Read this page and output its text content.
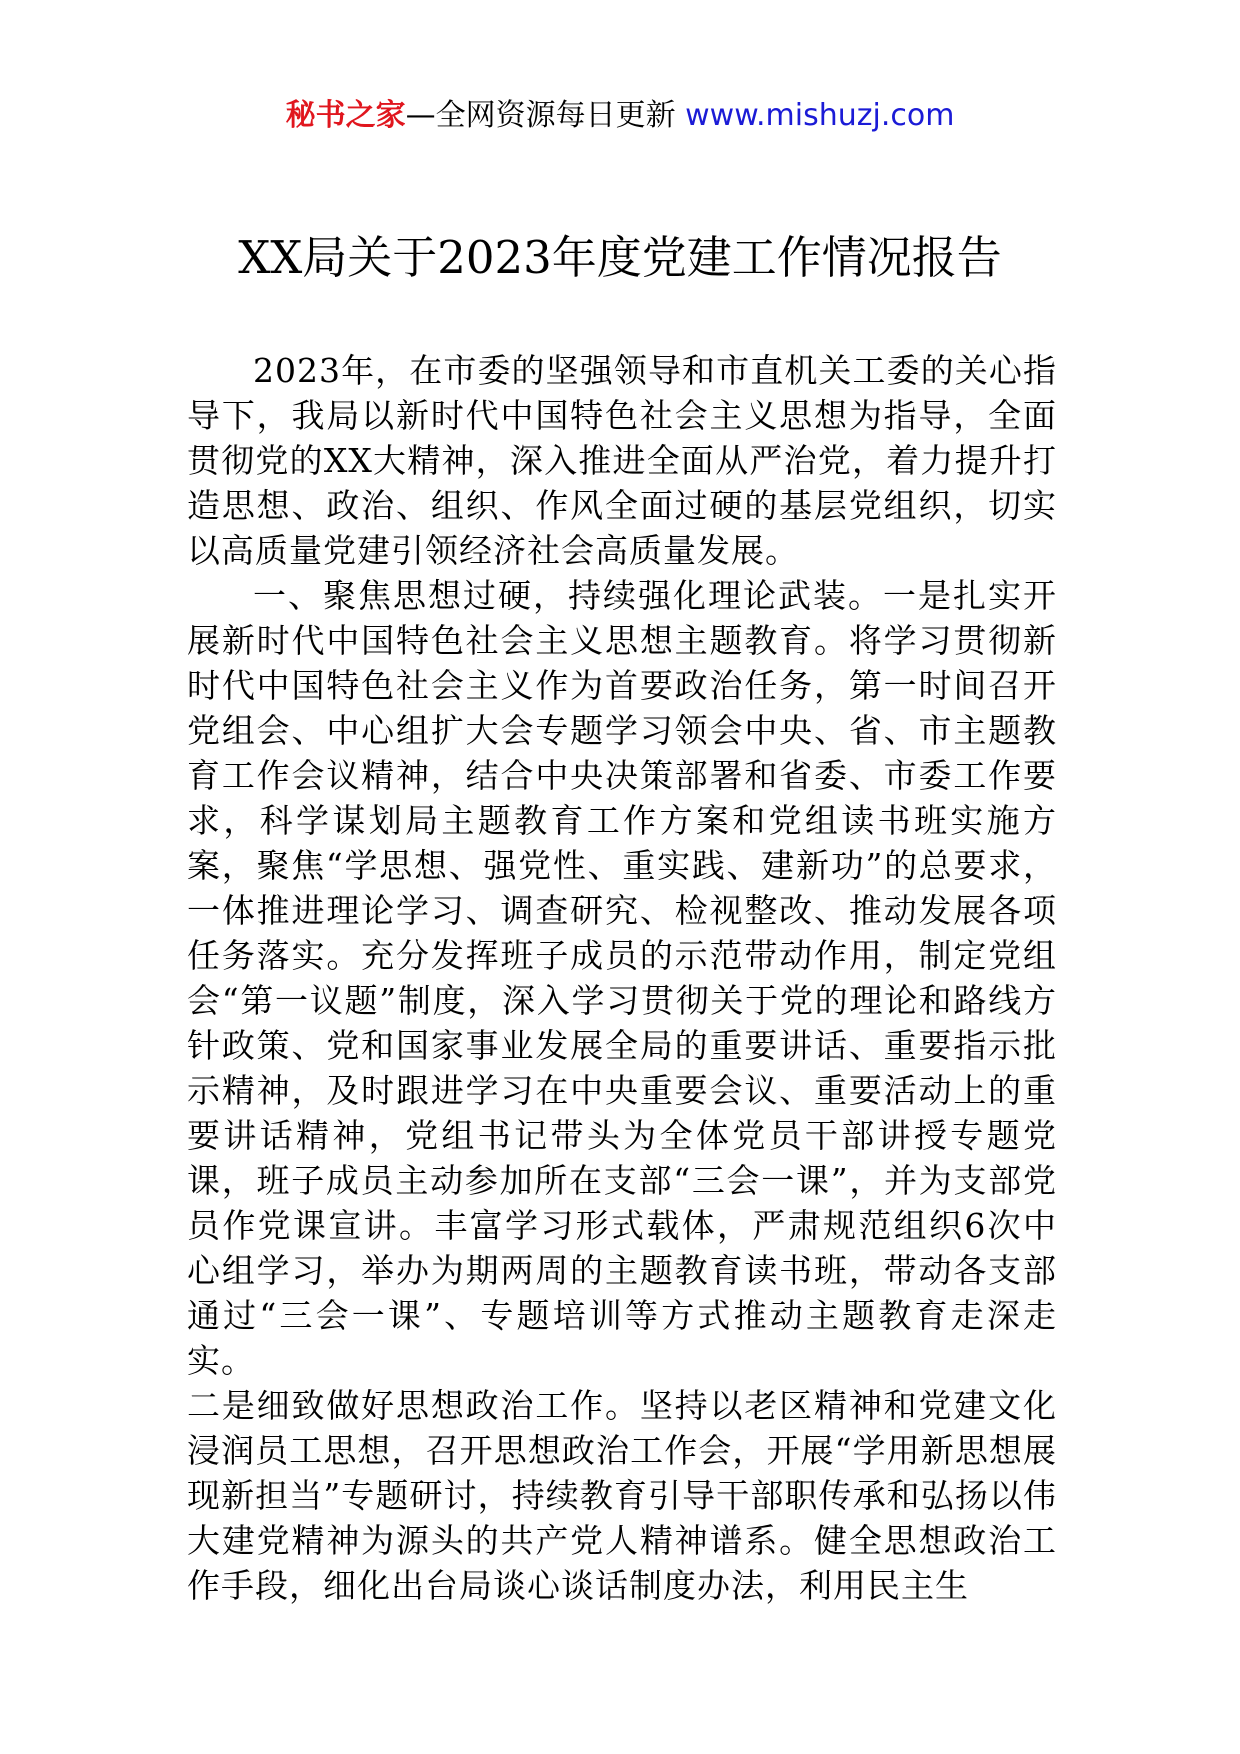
秘书之家—全网资源每日更新 www.mishuzj.com
XX局关于2023年度党建工作情况报告

2023年，在市委的坚强领导和市直机关工委的关心指导下，我局以新时代中国特色社会主义思想为指导，全面贯彻党的XX大精神，深入推进全面从严治党，着力提升打造思想、政治、组织、作风全面过硬的基层党组织，切实以高质量党建引领经济社会高质量发展。

一、聚焦思想过硬，持续强化理论武装。一是扎实开展新时代中国特色社会主义思想主题教育。将学习贯彻新时代中国特色社会主义作为首要政治任务，第一时间召开党组会、中心组扩大会专题学习领会中央、省、市主题教育工作会议精神，结合中央决策部署和省委、市委工作要求，科学谋划局主题教育工作方案和党组读书班实施方案，聚焦“学思想、强党性、重实践、建新功”的总要求，一体推进理论学习、调查研究、检视整改、推动发展各项任务落实。充分发挥班子成员的示范带动作用，制定党组会“第一议题”制度，深入学习贯彻关于党的理论和路线方针政策、党和国家事业发展全局的重要讲话、重要指示批示精神，及时跟进学习在中央重要会议、重要活动上的重要讲话精神，党组书记带头为全体党员干部讲授专题党课，班子成员主动参加所在支部“三会一课”，并为支部党员作党课宣讲。丰富学习形式载体，严肃规范组织6次中心组学习，举办为期两周的主题教育读书班，带动各支部通过“三会一课”、专题培训等方式推动主题教育走深走实。

二是细致做好思想政治工作。坚持以老区精神和党建文化浸润员工思想，召开思想政治工作会，开展“学用新思想展现新担当”专题研讨，持续教育引导干部职传承和弘扬以伟大建党精神为源头的共产党人精神谱系。健全思想政治工作手段，细化出台局谈心谈话制度办法，利用民主生
